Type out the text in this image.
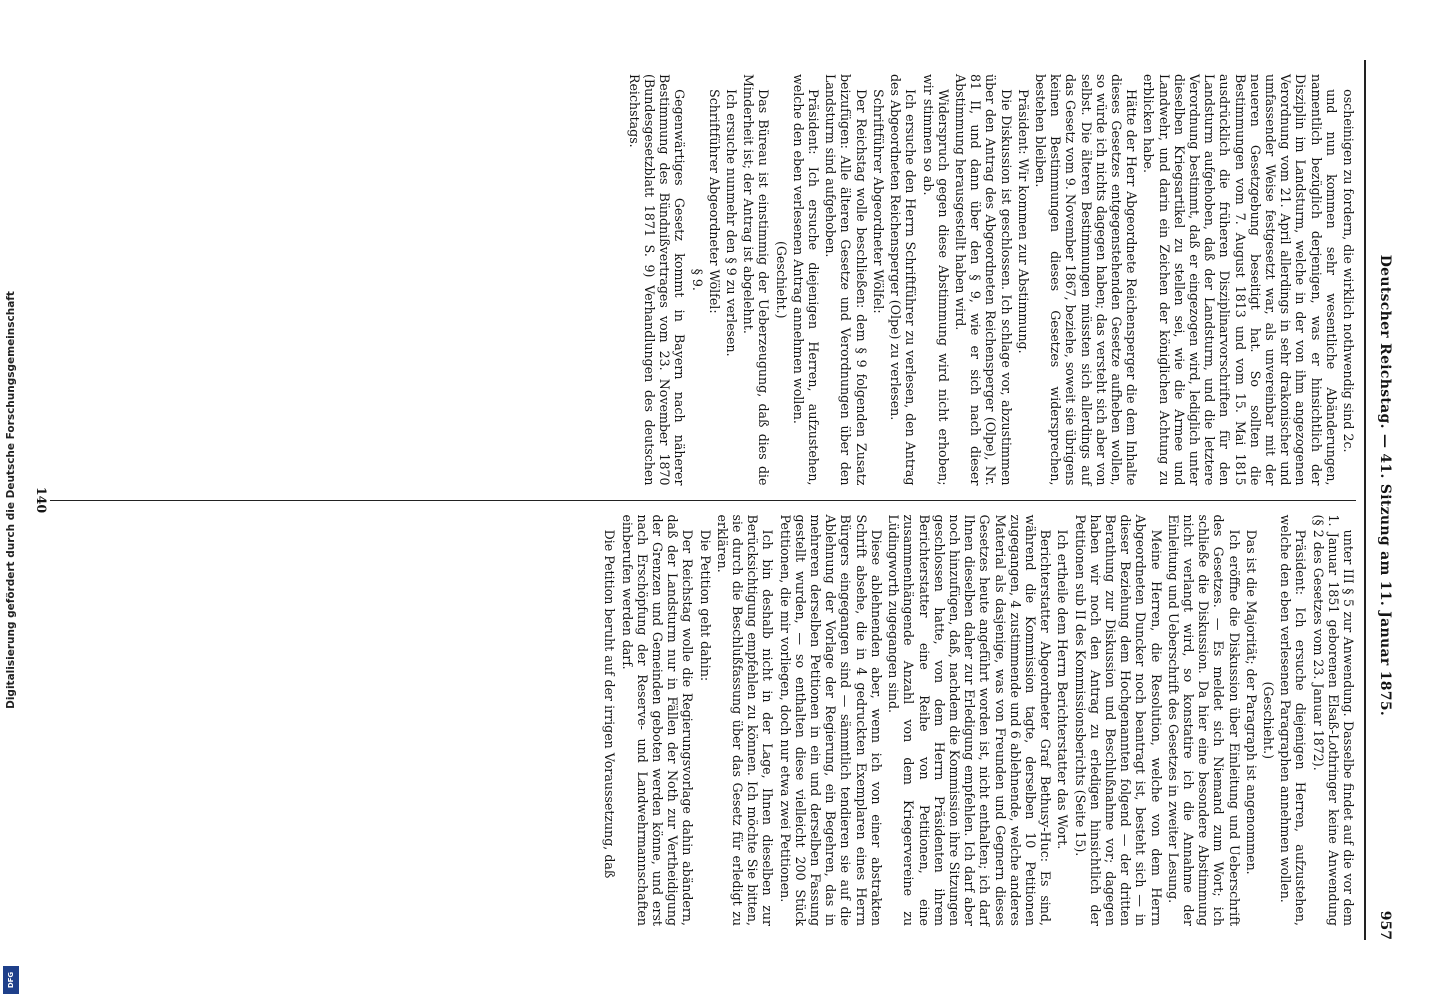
Digitalisierung gefördert durch die Deutsche Forschungsgemeinschaft
DFG
Deutscher Reichstag. — 41. Sitzung am 11. Januar 1875.
957

oscheinigen zu fordern, die wirklich nothwendig sind 2c.

und nun kommen sehr wesentliche Abänderungen, namentlich bezüglich derjenigen, was er hinsichtlich der Disziplin im Landsturm, welche in der von ihm angezogenen Verordnung vom 21. April allerdings in sehr drakonischer und umfassender Weise festgesetzt war, als unvereinbar mit der neueren Gesetzgebung beseitigt hat. So sollten die Bestimmungen vom 7. August 1813 und vom 15. Mai 1815 ausdrücklich die früheren Disziplinarvorschriften für den Landsturm aufgehoben, daß der Landsturm, und die letztere Verordnung bestimmt, daß er eingezogen wird, lediglich unter dieselben Kriegsartikel zu stellen sei, wie die Armee und Landwehr, und darin ein Zeichen der königlichen Achtung zu erblicken habe.

Hätte der Herr Abgeordnete Reichensperger die dem Inhalte dieses Gesetzes entgegenstehenden Gesetze aufheben wollen, so würde ich nichts dagegen haben; das versteht sich aber von selbst. Die älteren Bestimmungen müssten sich allerdings auf das Gesetz vom 9. November 1867, beziehe, soweit sie übrigens keinen Bestimmungen dieses Gesetzes widersprechen, bestehen bleiben.

Präsident: Wir kommen zur Abstimmung.

Die Diskussion ist geschlossen. Ich schlage vor, abzustimmen über den Antrag des Abgeordneten Reichensperger (Olpe), Nr. 81 II, und dann über den § 9, wie er sich nach dieser Abstimmung herausgestellt haben wird.

Widerspruch gegen diese Abstimmung wird nicht erhoben; wir stimmen so ab.

Ich ersuche den Herrn Schriftführer zu verlesen, den Antrag des Abgeordneten Reichensperger (Olpe) zu verlesen.

Schriftführer Abgeordneter Wölfel:

Der Reichstag wolle beschließen: dem § 9 folgenden Zusatz beizufügen: Alle älteren Gesetze und Verordnungen über den Landsturm sind aufgehoben.

Präsident: Ich ersuche diejenigen Herren, aufzustehen, welche den eben verlesenen Antrag annehmen wollen.

(Geschieht.)

Das Büreau ist einstimmig der Ueberzeugung, daß dies die Minderheit ist; der Antrag ist abgelehnt.

Ich ersuche nunmehr den § 9 zu verlesen.

Schriftführer Abgeordneter Wölfel:

§ 9.

Gegenwärtiges Gesetz kommt in Bayern nach näherer Bestimmung des Bündnißvertrages vom 23. November 1870 (Bundesgesetzblatt 1871 S. 9) Verhandlungen des deutschen Reichstags.

unter III § 5 zur Anwendung. Dasselbe findet auf die vor dem 1. Januar 1851 geborenen Elsaß-Lothringer keine Anwendung (§ 2 des Gesetzes vom 23. Januar 1872).

Präsident: Ich ersuche diejenigen Herren, aufzustehen, welche den eben verlesenen Paragraphen annehmen wollen.

(Geschieht.)

Das ist die Majorität; der Paragraph ist angenommen.

Ich eröffne die Diskussion über Einleitung und Ueberschrift des Gesetzes. — Es meldet sich Niemand zum Wort; ich schließe die Diskussion. Da hier eine besondere Abstimmung nicht verlangt wird, so konstatire ich die Annahme der Einleitung und Ueberschrift des Gesetzes in zweiter Lesung.

Meine Herren, die Resolution, welche von dem Herrn Abgeordneten Duncker noch beantragt ist, besteht sich — in dieser Beziehung dem Hochgenannten folgend — der dritten Berathung zur Diskussion und Beschlußnahme vor; dagegen haben wir noch den Antrag zu erledigen hinsichtlich der Petitionen sub II des Kommissionsberichts (Seite 15).

Ich ertheile dem Herrn Berichterstatter das Wort.

Berichterstatter Abgeordneter Graf Bethusy-Huc: Es sind, während die Kommission tagte, derselben 10 Petitionen zugegangen, 4 zustimmende und 6 ablehnende, welche anderes Material als dasjenige, was von Freunden und Gegnern dieses Gesetzes heute angeführt worden ist, nicht enthalten; ich darf Ihnen dieselben daher zur Erledigung empfehlen. Ich darf aber noch hinzufügen, daß, nachdem die Kommission ihre Sitzungen geschlossen hatte, von dem Herrn Präsidenten ihrem Berichterstatter eine Reihe von Petitionen, eine zusammenhängende Anzahl von dem Kriegervereine zu Lüdingworth zugegangen sind.

Diese ablehnenden aber, wenn ich von einer abstrakten Schrift absehe, die in 4 gedruckten Exemplaren eines Herrn Bürgers eingegangen sind — sämmtlich tendieren sie auf die Ablehnung der Vorlage der Regierung, ein Begehren, das in mehreren derselben Petitionen in ein und derselben Fassung gestellt wurden, — so enthalten diese vielleicht 200 Stück Petitionen, die mir vorliegen, doch nur etwa zwei Petitionen.

Ich bin deshalb nicht in der Lage, Ihnen dieselben zur Berücksichtigung empfehlen zu können. Ich möchte Sie bitten, sie durch die Beschlußfassung über das Gesetz für erledigt zu erklären.

Die Petition geht dahin:

Der Reichstag wolle die Regierungsvorlage dahin abändern, daß der Landsturm nur in Fällen der Noth zur Vertheidigung der Grenzen und Gemeinden geboten werden könne, und erst nach Erschöpfung der Reserve- und Landwehrmannschaften einberufen werden darf.

Die Petition beruht auf der irrigen Voraussetzung, daß

140
